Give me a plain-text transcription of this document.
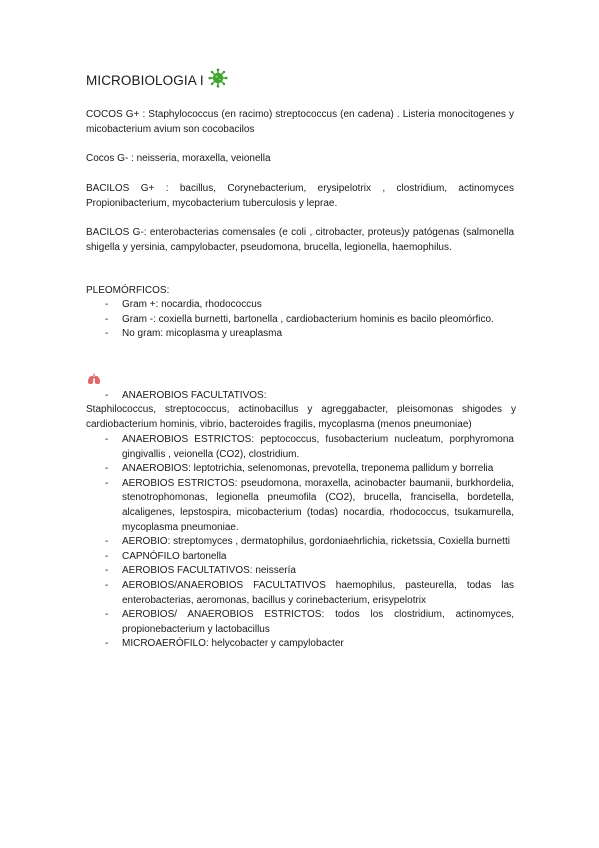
MICROBIOLOGIA I
COCOS G+ : Staphylococcus (en racimo) streptococcus (en cadena) . Listeria monocitogenes y micobacterium avium son cocobacilos
Cocos G- : neisseria, moraxella, veionella
BACILOS G+ : bacillus, Corynebacterium, erysipelotrix , clostridium, actinomyces Propionibacterium, mycobacterium tuberculosis y leprae.
BACILOS G-: enterobacterias comensales (e coli , citrobacter, proteus)y patógenas (salmonella shigella y yersinia, campylobacter, pseudomona, brucella, legionella, haemophilus.
PLEOMÓRFICOS:
- Gram +: nocardia, rhodococcus
- Gram -: coxiella burnetti, bartonella , cardiobacterium hominis es bacilo pleomórfico.
- No gram: micoplasma y ureaplasma
- ANAEROBIOS FACULTATIVOS:
Staphilococcus, streptococcus, actinobacillus y agreggabacter, pleisomonas shigodes y cardiobacterium hominis, vibrio, bacteroides fragilis, mycoplasma (menos pneumoniae)
- ANAEROBIOS ESTRICTOS: peptococcus, fusobacterium nucleatum, porphyromona gingivallis , veionella (CO2), clostridium.
- ANAEROBIOS: leptotrichia, selenomonas, prevotella, treponema pallidum y borrelia
- AEROBIOS ESTRICTOS: pseudomona, moraxella, acinobacter baumanii, burkhordelia, stenotrophomonas, legionella pneumofila (CO2), brucella, francisella, bordetella, alcaligenes, lepstospira, micobacterium (todas) nocardia, rhodococcus, tsukamurella, mycoplasma pneumoniae.
- AEROBIO: streptomyces , dermatophilus, gordoniaehrlichia, ricketssia, Coxiella burnetti
- CAPNÓFILO bartonella
- AEROBIOS FACULTATIVOS: neissería
- AEROBIOS/ANAEROBIOS FACULTATIVOS haemophilus, pasteurella, todas las enterobacterias, aeromonas, bacillus y corinebacterium, erisypelotrix
- AEROBIOS/ ANAEROBIOS ESTRICTOS: todos los clostridium, actinomyces, propionebacterium y lactobacillus
- MICROAERÓFILO: helycobacter y campylobacter
